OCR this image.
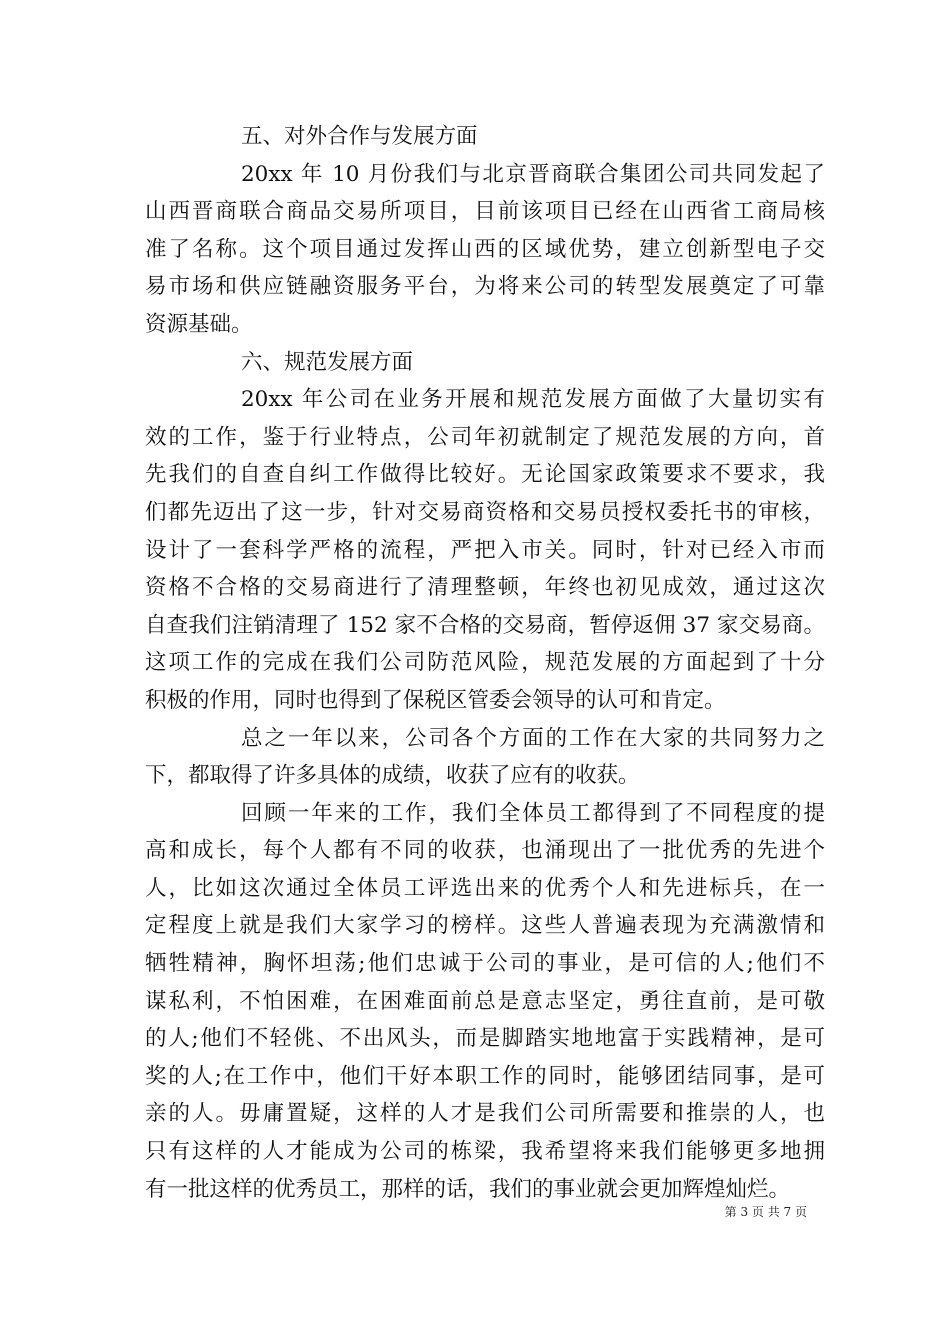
五、对外合作与发展方面
20xx 年 10 月份我们与北京晋商联合集团公司共同发起了
山西晋商联合商品交易所项目，目前该项目已经在山西省工商局核
准了名称。这个项目通过发挥山西的区域优势，建立创新型电子交
易市场和供应链融资服务平台，为将来公司的转型发展奠定了可靠
资源基础。
六、规范发展方面
20xx 年公司在业务开展和规范发展方面做了大量切实有
效的工作，鉴于行业特点，公司年初就制定了规范发展的方向，首
先我们的自查自纠工作做得比较好。无论国家政策要求不要求，我
们都先迈出了这一步，针对交易商资格和交易员授权委托书的审核，
设计了一套科学严格的流程，严把入市关。同时，针对已经入市而
资格不合格的交易商进行了清理整顿，年终也初见成效，通过这次
自查我们注销清理了 152 家不合格的交易商，暂停返佣 37 家交易商。
这项工作的完成在我们公司防范风险，规范发展的方面起到了十分
积极的作用，同时也得到了保税区管委会领导的认可和肯定。
总之一年以来，公司各个方面的工作在大家的共同努力之
下，都取得了许多具体的成绩，收获了应有的收获。
回顾一年来的工作，我们全体员工都得到了不同程度的提
高和成长，每个人都有不同的收获，也涌现出了一批优秀的先进个
人，比如这次通过全体员工评选出来的优秀个人和先进标兵，在一
定程度上就是我们大家学习的榜样。这些人普遍表现为充满激情和
牺牲精神，胸怀坦荡;他们忠诚于公司的事业，是可信的人;他们不
谋私利，不怕困难，在困难面前总是意志坚定，勇往直前，是可敬
的人;他们不轻佻、不出风头，而是脚踏实地地富于实践精神，是可
奖的人;在工作中，他们干好本职工作的同时，能够团结同事，是可
亲的人。毋庸置疑，这样的人才是我们公司所需要和推崇的人，也
只有这样的人才能成为公司的栋梁，我希望将来我们能够更多地拥
有一批这样的优秀员工，那样的话，我们的事业就会更加辉煌灿烂。
第 3 页 共 7 页
